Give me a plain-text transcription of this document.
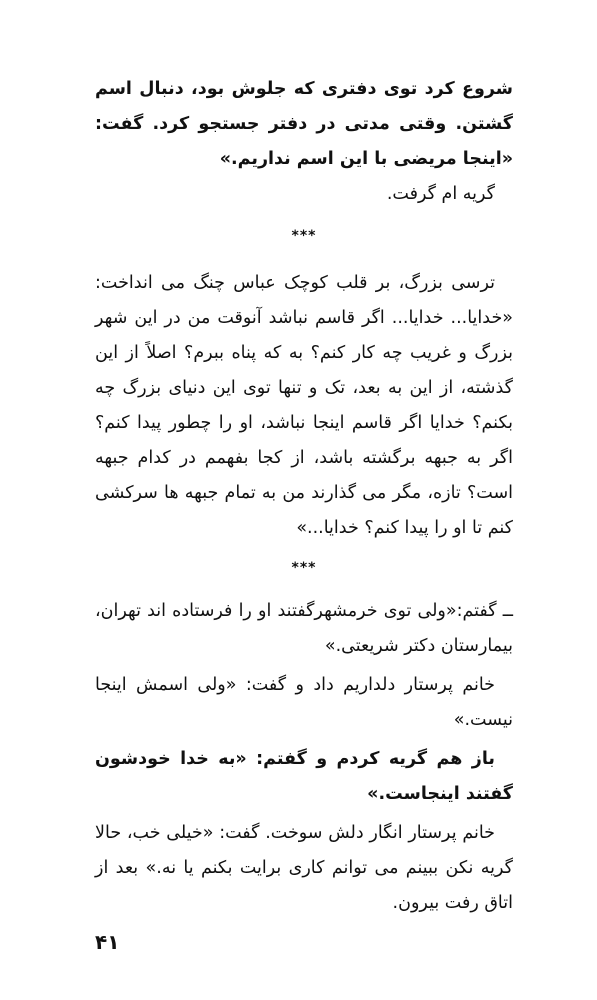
شروع کرد توی دفتری که جلوش بود، دنبال اسم گشتن. وقتی مدتی در دفتر جستجو کرد. گفت: «اینجا مریضی با این اسم نداریم.»

گریه ام گرفت.

***

ترسی بزرگ، بر قلب کوچک عباس چنگ می انداخت: «خدایا... خدایا... اگر قاسم نباشد آنوقت من در این شهر بزرگ و غریب چه کار کنم؟ به که پناه ببرم؟ اصلاً از این گذشته، از این به بعد، تک و تنها توی این دنیای بزرگ چه بکنم؟ خدایا اگر قاسم اینجا نباشد، او را چطور پیدا کنم؟ اگر به جبهه برگشته باشد، از کجا بفهمم در کدام جبهه است؟ تازه، مگر می گذارند من به تمام جبهه ها سرکشی کنم تا او را پیدا کنم؟ خدایا...»

***

ــ گفتم:«ولی توی خرمشهرگفتند او را فرستاده اند تهران، بیمارستان دکتر شریعتی.»

خانم پرستار دلداریم داد و گفت: «ولی اسمش اینجا نیست.»

باز هم گریه کردم و گفتم: «به خدا خودشون گفتند اینجاست.»

خانم پرستار انگار دلش سوخت. گفت: «خیلی خب، حالا گریه نکن ببینم می توانم کاری برایت بکنم یا نه.» بعد از اتاق رفت بیرون.

۴۱
